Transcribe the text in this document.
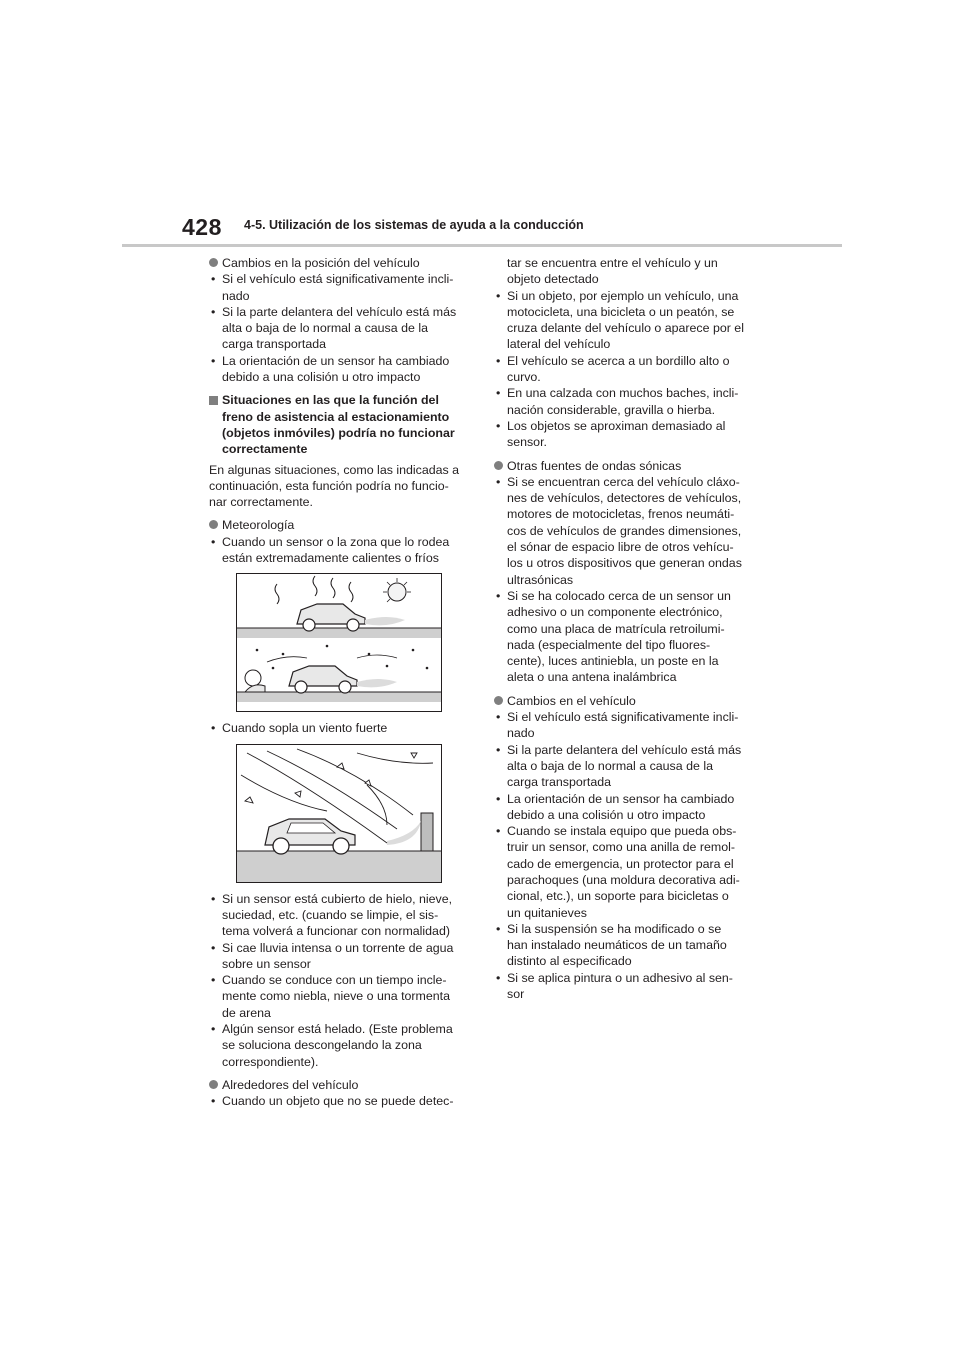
428 4-5. Utilización de los sistemas de ayuda a la conducción

Cambios en la posición del vehículo

• Si el vehículo está significativamente incli-

nado

• Si la parte delantera del vehículo está más

alta o baja de lo normal a causa de la

carga transportada

• La orientación de un sensor ha cambiado

debido a una colisión u otro impacto

Situaciones en las que la función del

freno de asistencia al estacionamiento

(objetos inmóviles) podría no funcionar

correctamente

En algunas situaciones, como las indicadas a

continuación, esta función podría no funcio-

nar correctamente.

Meteorología

• Cuando un sensor o la zona que lo rodea

están extremadamente calientes o fríos

• Cuando sopla un viento fuerte

• Si un sensor está cubierto de hielo, nieve,

suciedad, etc. (cuando se limpie, el sis-

tema volverá a funcionar con normalidad)

• Si cae lluvia intensa o un torrente de agua

sobre un sensor

• Cuando se conduce con un tiempo incle-

mente como niebla, nieve o una tormenta

de arena

• Algún sensor está helado. (Este problema

se soluciona descongelando la zona

correspondiente).

Alrededores del vehículo

• Cuando un objeto que no se puede detec-

tar se encuentra entre el vehículo y un

objeto detectado

• Si un objeto, por ejemplo un vehículo, una

motocicleta, una bicicleta o un peatón, se

cruza delante del vehículo o aparece por el

lateral del vehículo

• El vehículo se acerca a un bordillo alto o

curvo.

• En una calzada con muchos baches, incli-

nación considerable, gravilla o hierba.

• Los objetos se aproximan demasiado al

sensor.

Otras fuentes de ondas sónicas

• Si se encuentran cerca del vehículo cláxo-

nes de vehículos, detectores de vehículos,

motores de motocicletas, frenos neumáti-

cos de vehículos de grandes dimensiones,

el sónar de espacio libre de otros vehícu-

los u otros dispositivos que generan ondas

ultrasónicas

• Si se ha colocado cerca de un sensor un

adhesivo o un componente electrónico,

como una placa de matrícula retroilumi-

nada (especialmente del tipo fluores-

cente), luces antiniebla, un poste en la

aleta o una antena inalámbrica

Cambios en el vehículo

• Si el vehículo está significativamente incli-

nado

• Si la parte delantera del vehículo está más

alta o baja de lo normal a causa de la

carga transportada

• La orientación de un sensor ha cambiado

debido a una colisión u otro impacto

• Cuando se instala equipo que pueda obs-

truir un sensor, como una anilla de remol-

cado de emergencia, un protector para el

parachoques (una moldura decorativa adi-

cional, etc.), un soporte para bicicletas o

un quitanieves

• Si la suspensión se ha modificado o se

han instalado neumáticos de un tamaño

distinto al especificado

• Si se aplica pintura o un adhesivo al sen-

sor
